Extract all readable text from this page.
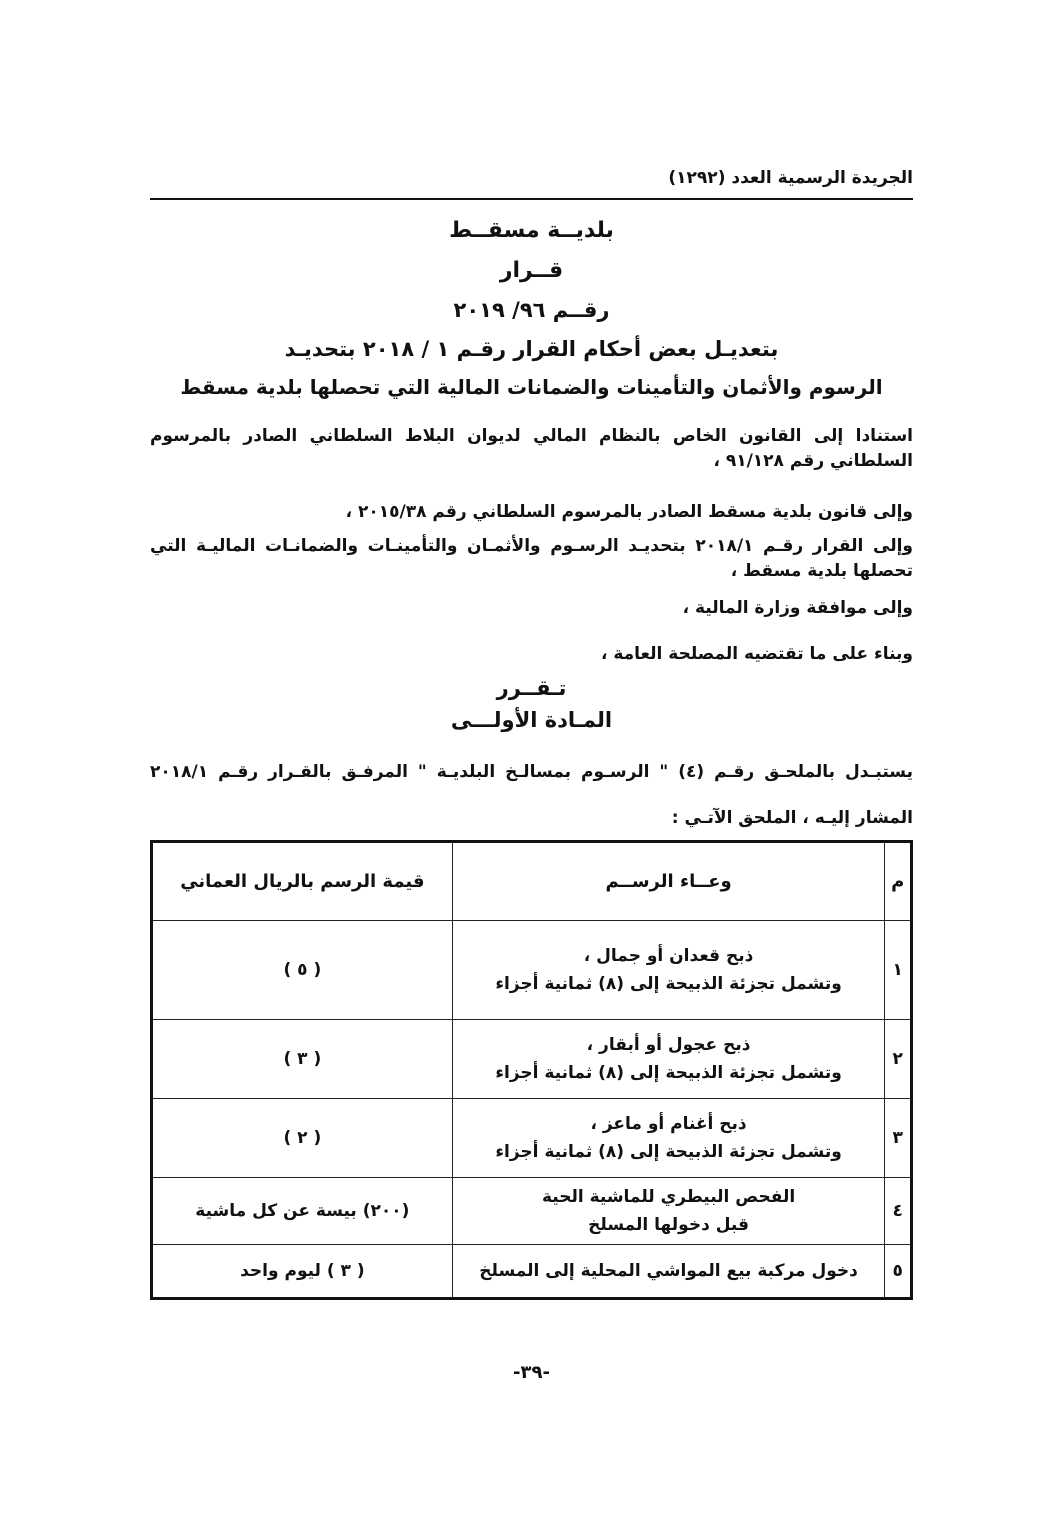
الجريدة الرسمية العدد (١٢٩٢)
بلديــة مسقــط
قــرار
رقــم ٩٦/ ٢٠١٩
بتعديـل بعض أحكام القرار رقـم ١ / ٢٠١٨ بتحديـد
الرسوم والأثمان والتأمينات والضمانات المالية التي تحصلها بلدية مسقط
استنادا إلى القانون الخاص بالنظام المالي لديوان البلاط السلطاني الصادر بالمرسوم السلطاني رقم ٩١/١٢٨ ،
وإلى قانون بلدية مسقط الصادر بالمرسوم السلطاني رقم ٢٠١٥/٣٨ ،
وإلى القرار رقـم ٢٠١٨/١ بتحديـد الرسـوم والأثمـان والتأمينـات والضمانـات الماليـة التي تحصلها بلدية مسقط ،
وإلى موافقة وزارة المالية ،
وبناء على ما تقتضيه المصلحة العامة ،
تـقــرر
المـادة الأولـــى
يستبـدل بالملحـق رقـم (٤) " الرسـوم بمسالـخ البلديـة " المرفـق بالقـرار رقـم ٢٠١٨/١
المشار إليـه ، الملحق الآتـي :
م	وعــاء الرســم	قيمة الرسم بالريال العماني
١	ذبح قعدان أو جمال ،
وتشمل تجزئة الذبيحة إلى (٨) ثمانية أجزاء	( ٥ )
٢	ذبح عجول أو أبقار ،
وتشمل تجزئة الذبيحة إلى (٨) ثمانية أجزاء	( ٣ )
٣	ذبح أغنام أو ماعز ،
وتشمل تجزئة الذبيحة إلى (٨) ثمانية أجزاء	( ٢ )
٤	الفحص البيطري للماشية الحية
قبل دخولها المسلخ	(٢٠٠) بيسة عن كل ماشية
٥	دخول مركبة بيع المواشي المحلية إلى المسلخ	( ٣ ) ليوم واحد
-٣٩-
